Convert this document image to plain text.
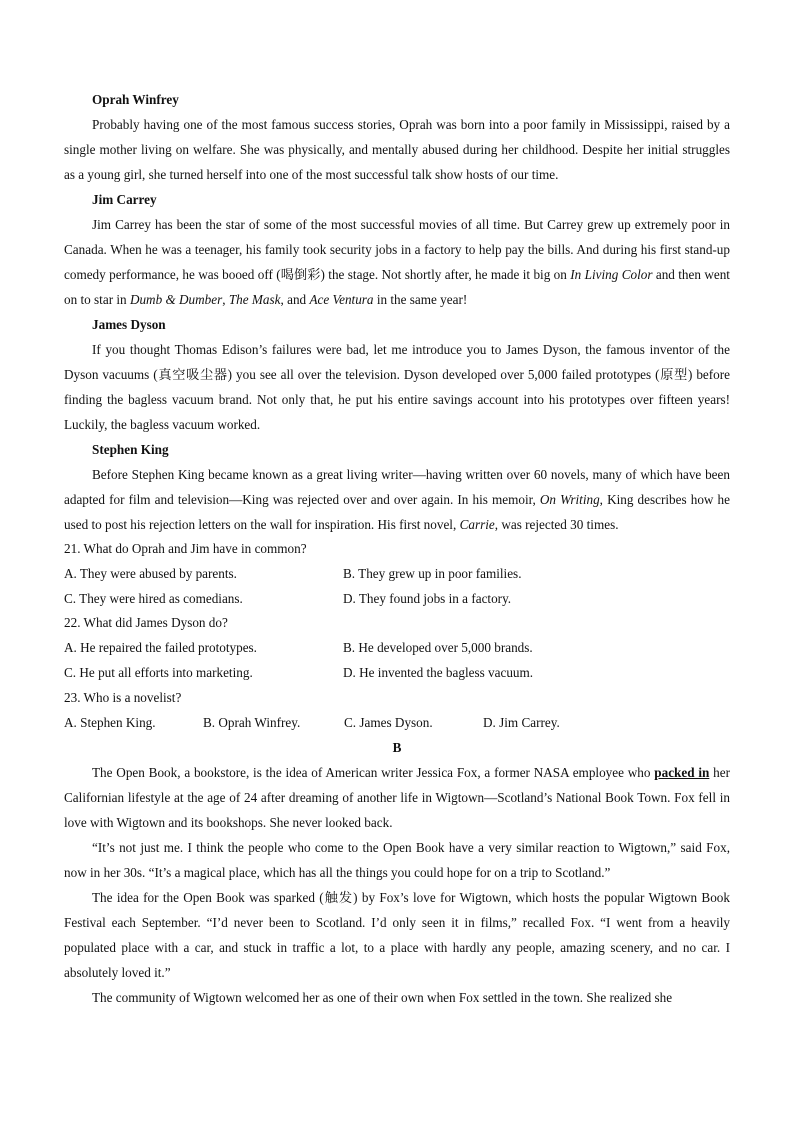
Oprah Winfrey

Probably having one of the most famous success stories, Oprah was born into a poor family in Mississippi, raised by a single mother living on welfare. She was physically, and mentally abused during her childhood. Despite her initial struggles as a young girl, she turned herself into one of the most successful talk show hosts of our time.

Jim Carrey

Jim Carrey has been the star of some of the most successful movies of all time. But Carrey grew up extremely poor in Canada. When he was a teenager, his family took security jobs in a factory to help pay the bills. And during his first stand-up comedy performance, he was booed off (喝倒彩) the stage. Not shortly after, he made it big on In Living Color and then went on to star in Dumb & Dumber, The Mask, and Ace Ventura in the same year!

James Dyson

If you thought Thomas Edison’s failures were bad, let me introduce you to James Dyson, the famous inventor of the Dyson vacuums (真空吸尘器) you see all over the television. Dyson developed over 5,000 failed prototypes (原型) before finding the bagless vacuum brand. Not only that, he put his entire savings account into his prototypes over fifteen years! Luckily, the bagless vacuum worked.

Stephen King

Before Stephen King became known as a great living writer—having written over 60 novels, many of which have been adapted for film and television—King was rejected over and over again. In his memoir, On Writing, King describes how he used to post his rejection letters on the wall for inspiration. His first novel, Carrie, was rejected 30 times.

21. What do Oprah and Jim have in common?
A. They were abused by parents.	B. They grew up in poor families.
C. They were hired as comedians.	D. They found jobs in a factory.
22. What did James Dyson do?
A. He repaired the failed prototypes.	B. He developed over 5,000 brands.
C. He put all efforts into marketing.	D. He invented the bagless vacuum.
23. Who is a novelist?
A. Stephen King.	B. Oprah Winfrey.	C. James Dyson.	D. Jim Carrey.
B

The Open Book, a bookstore, is the idea of American writer Jessica Fox, a former NASA employee who packed in her Californian lifestyle at the age of 24 after dreaming of another life in Wigtown—Scotland’s National Book Town. Fox fell in love with Wigtown and its bookshops. She never looked back.

“It’s not just me. I think the people who come to the Open Book have a very similar reaction to Wigtown,” said Fox, now in her 30s. “It’s a magical place, which has all the things you could hope for on a trip to Scotland.”

The idea for the Open Book was sparked (触发) by Fox’s love for Wigtown, which hosts the popular Wigtown Book Festival each September. “I’d never been to Scotland. I’d only seen it in films,” recalled Fox. “I went from a heavily populated place with a car, and stuck in traffic a lot, to a place with hardly any people, amazing scenery, and no car. I absolutely loved it.”

The community of Wigtown welcomed her as one of their own when Fox settled in the town. She realized she
